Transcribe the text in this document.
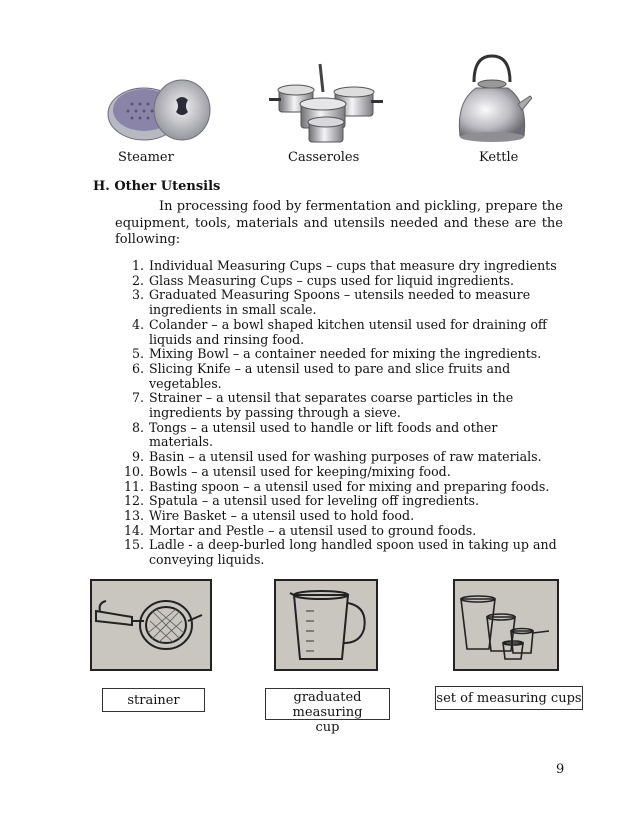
Steamer	Casseroles	Kettle
H. Other Utensils
In processing food by fermentation and pickling, prepare the equipment, tools, materials and utensils needed and these are the following:
1. Individual Measuring Cups – cups that measure dry ingredients
2. Glass Measuring Cups – cups used for liquid ingredients.
3. Graduated Measuring Spoons – utensils needed to measure ingredients in small scale.
4. Colander – a bowl shaped kitchen utensil used for draining off liquids and rinsing food.
5. Mixing Bowl – a container needed for mixing the ingredients.
6. Slicing Knife – a utensil used to pare and slice fruits and vegetables.
7. Strainer – a utensil that separates coarse particles in the ingredients by passing through a sieve.
8. Tongs – a utensil used to handle or lift foods and other materials.
9. Basin – a utensil used for washing purposes of raw materials.
10. Bowls – a utensil used for keeping/mixing food.
11. Basting spoon – a utensil used for mixing and preparing foods.
12. Spatula – a utensil used for leveling off ingredients.
13. Wire Basket – a utensil used to hold food.
14. Mortar and Pestle – a utensil used to ground foods.
15. Ladle - a deep-burled long handled spoon used in taking up and conveying liquids.
strainer	graduated measuring cup
set of measuring cups
9
